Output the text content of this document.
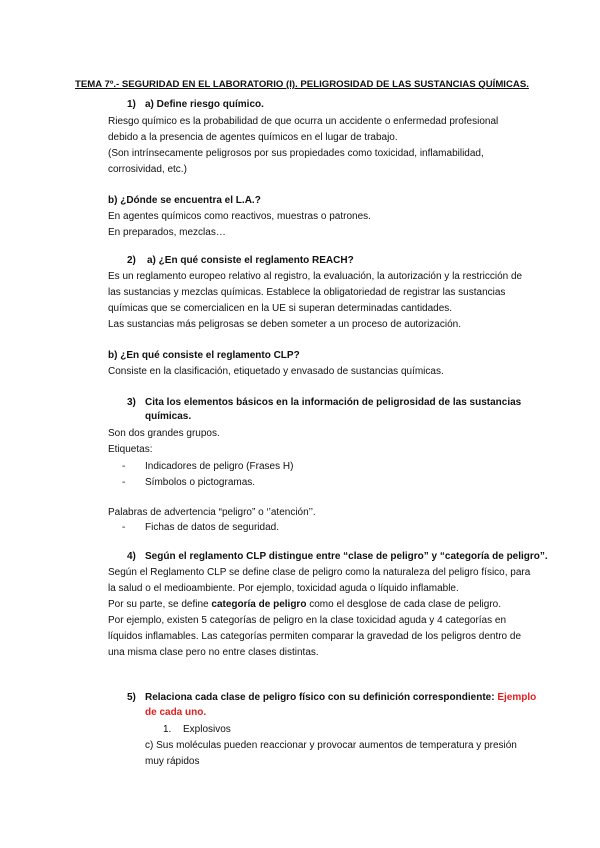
TEMA 7º.- SEGURIDAD EN EL LABORATORIO (I). PELIGROSIDAD DE LAS SUSTANCIAS QUÍMICAS.
1) a) Define riesgo químico.
Riesgo químico es la probabilidad de que ocurra un accidente o enfermedad profesional
debido a la presencia de agentes químicos en el lugar de trabajo.
(Son intrínsecamente peligrosos por sus propiedades como toxicidad, inflamabilidad,
corrosividad, etc.)
b) ¿Dónde se encuentra el L.A.?
En agentes químicos como reactivos, muestras o patrones.
En preparados, mezclas…
2) a) ¿En qué consiste el reglamento REACH?
Es un reglamento europeo relativo al registro, la evaluación, la autorización y la restricción de
las sustancias y mezclas químicas. Establece la obligatoriedad de registrar las sustancias
químicas que se comercialicen en la UE si superan determinadas cantidades.
Las sustancias más peligrosas se deben someter a un proceso de autorización.
b) ¿En qué consiste el reglamento CLP?
Consiste en la clasificación, etiquetado y envasado de sustancias químicas.
3) Cita los elementos básicos en la información de peligrosidad de las sustancias
químicas.
Son dos grandes grupos.
Etiquetas:
- Indicadores de peligro (Frases H)
- Símbolos o pictogramas.
Palabras de advertencia “peligro” o ‘’atención’’.
- Fichas de datos de seguridad.
4) Según el reglamento CLP distingue entre “clase de peligro” y “categoría de peligro”.
Según el Reglamento CLP se define clase de peligro como la naturaleza del peligro físico, para
la salud o el medioambiente. Por ejemplo, toxicidad aguda o líquido inflamable.
Por su parte, se define categoría de peligro como el desglose de cada clase de peligro.
Por ejemplo, existen 5 categorías de peligro en la clase toxicidad aguda y 4 categorías en
líquidos inflamables. Las categorías permiten comparar la gravedad de los peligros dentro de
una misma clase pero no entre clases distintas.
5) Relaciona cada clase de peligro físico con su definición correspondiente: Ejemplo
de cada uno.
1. Explosivos
c) Sus moléculas pueden reaccionar y provocar aumentos de temperatura y presión
muy rápidos
